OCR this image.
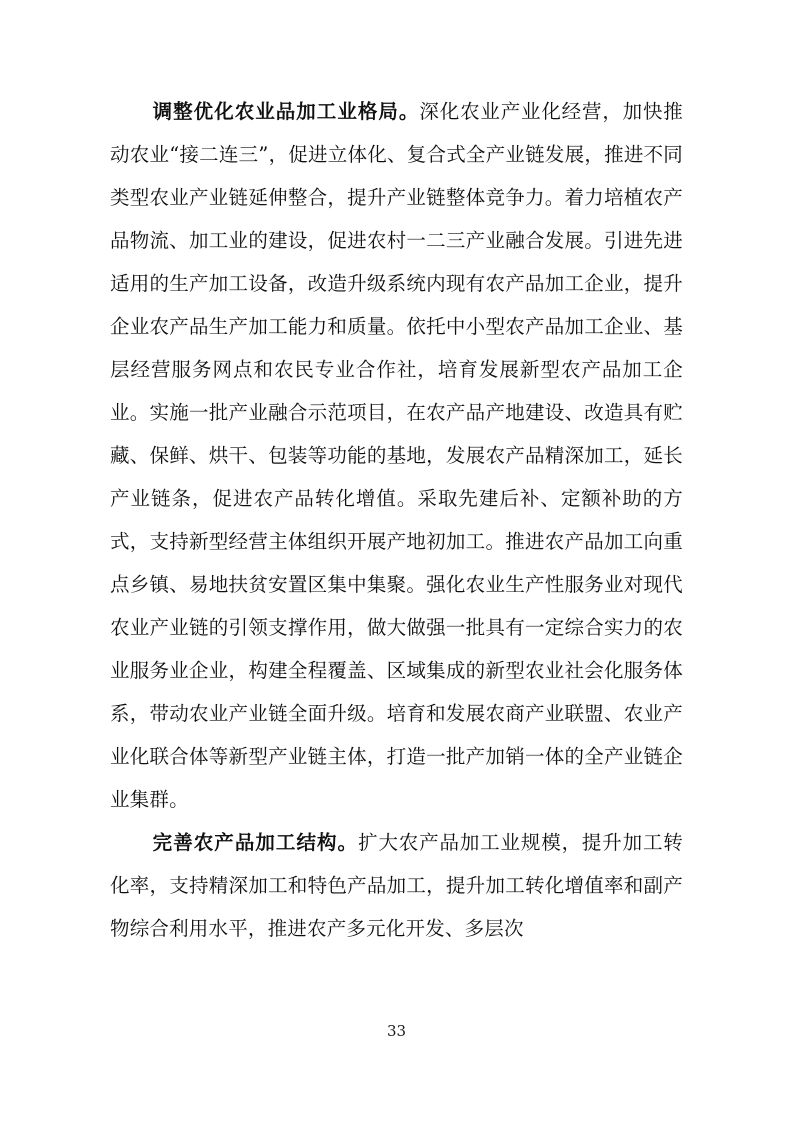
调整优化农业品加工业格局。深化农业产业化经营，加快推动农业“接二连三”，促进立体化、复合式全产业链发展，推进不同类型农业产业链延伸整合，提升产业链整体竞争力。着力培植农产品物流、加工业的建设，促进农村一二三产业融合发展。引进先进适用的生产加工设备，改造升级系统内现有农产品加工企业，提升企业农产品生产加工能力和质量。依托中小型农产品加工企业、基层经营服务网点和农民专业合作社，培育发展新型农产品加工企业。实施一批产业融合示范项目，在农产品产地建设、改造具有贮藏、保鲜、烘干、包装等功能的基地，发展农产品精深加工，延长产业链条，促进农产品转化增值。采取先建后补、定额补助的方式，支持新型经营主体组织开展产地初加工。推进农产品加工向重点乡镇、易地扶贫安置区集中集聚。强化农业生产性服务业对现代农业产业链的引领支撑作用，做大做强一批具有一定综合实力的农业服务业企业，构建全程覆盖、区域集成的新型农业社会化服务体系，带动农业产业链全面升级。培育和发展农商产业联盟、农业产业化联合体等新型产业链主体，打造一批产加销一体的全产业链企业集群。

完善农产品加工结构。扩大农产品加工业规模，提升加工转化率，支持精深加工和特色产品加工，提升加工转化增值率和副产物综合利用水平，推进农产多元化开发、多层次

33
